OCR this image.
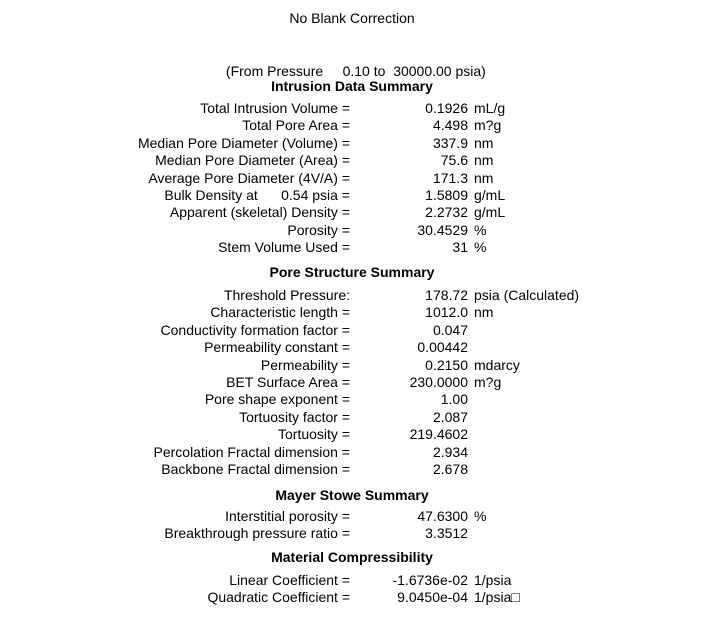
No Blank Correction

(From Pressure 0.10 to 30000.00 psia)

Intrusion Data Summary
Total Intrusion Volume =	0.1926 mL/g
Total Pore Area =	4.498 m?g
Median Pore Diameter (Volume) =	337.9 nm
Median Pore Diameter (Area) =	75.6 nm
Average Pore Diameter (4V/A) =	171.3 nm
Bulk Density at      0.54 psia =	1.5809 g/mL
Apparent (skeletal) Density =	2.2732 g/mL
Porosity =	30.4529 %
Stem Volume Used =	31 %
Pore Structure Summary
Threshold Pressure:	178.72 psia (Calculated)
Characteristic length =	1012.0 nm
Conductivity formation factor =	0.047
Permeability constant =	0.00442
Permeability =	0.2150 mdarcy
BET Surface Area =	230.0000 m?g
Pore shape exponent =	1.00
Tortuosity factor =	2.087
Tortuosity =	219.4602
Percolation Fractal dimension =	2.934
Backbone Fractal dimension =	2.678
Mayer Stowe Summary
Interstitial porosity =	47.6300 %
Breakthrough pressure ratio =	3.3512
Material Compressibility
Linear Coefficient =	-1.6736e-02 1/psia
Quadratic Coefficient =	9.0450e-04 1/psia□
